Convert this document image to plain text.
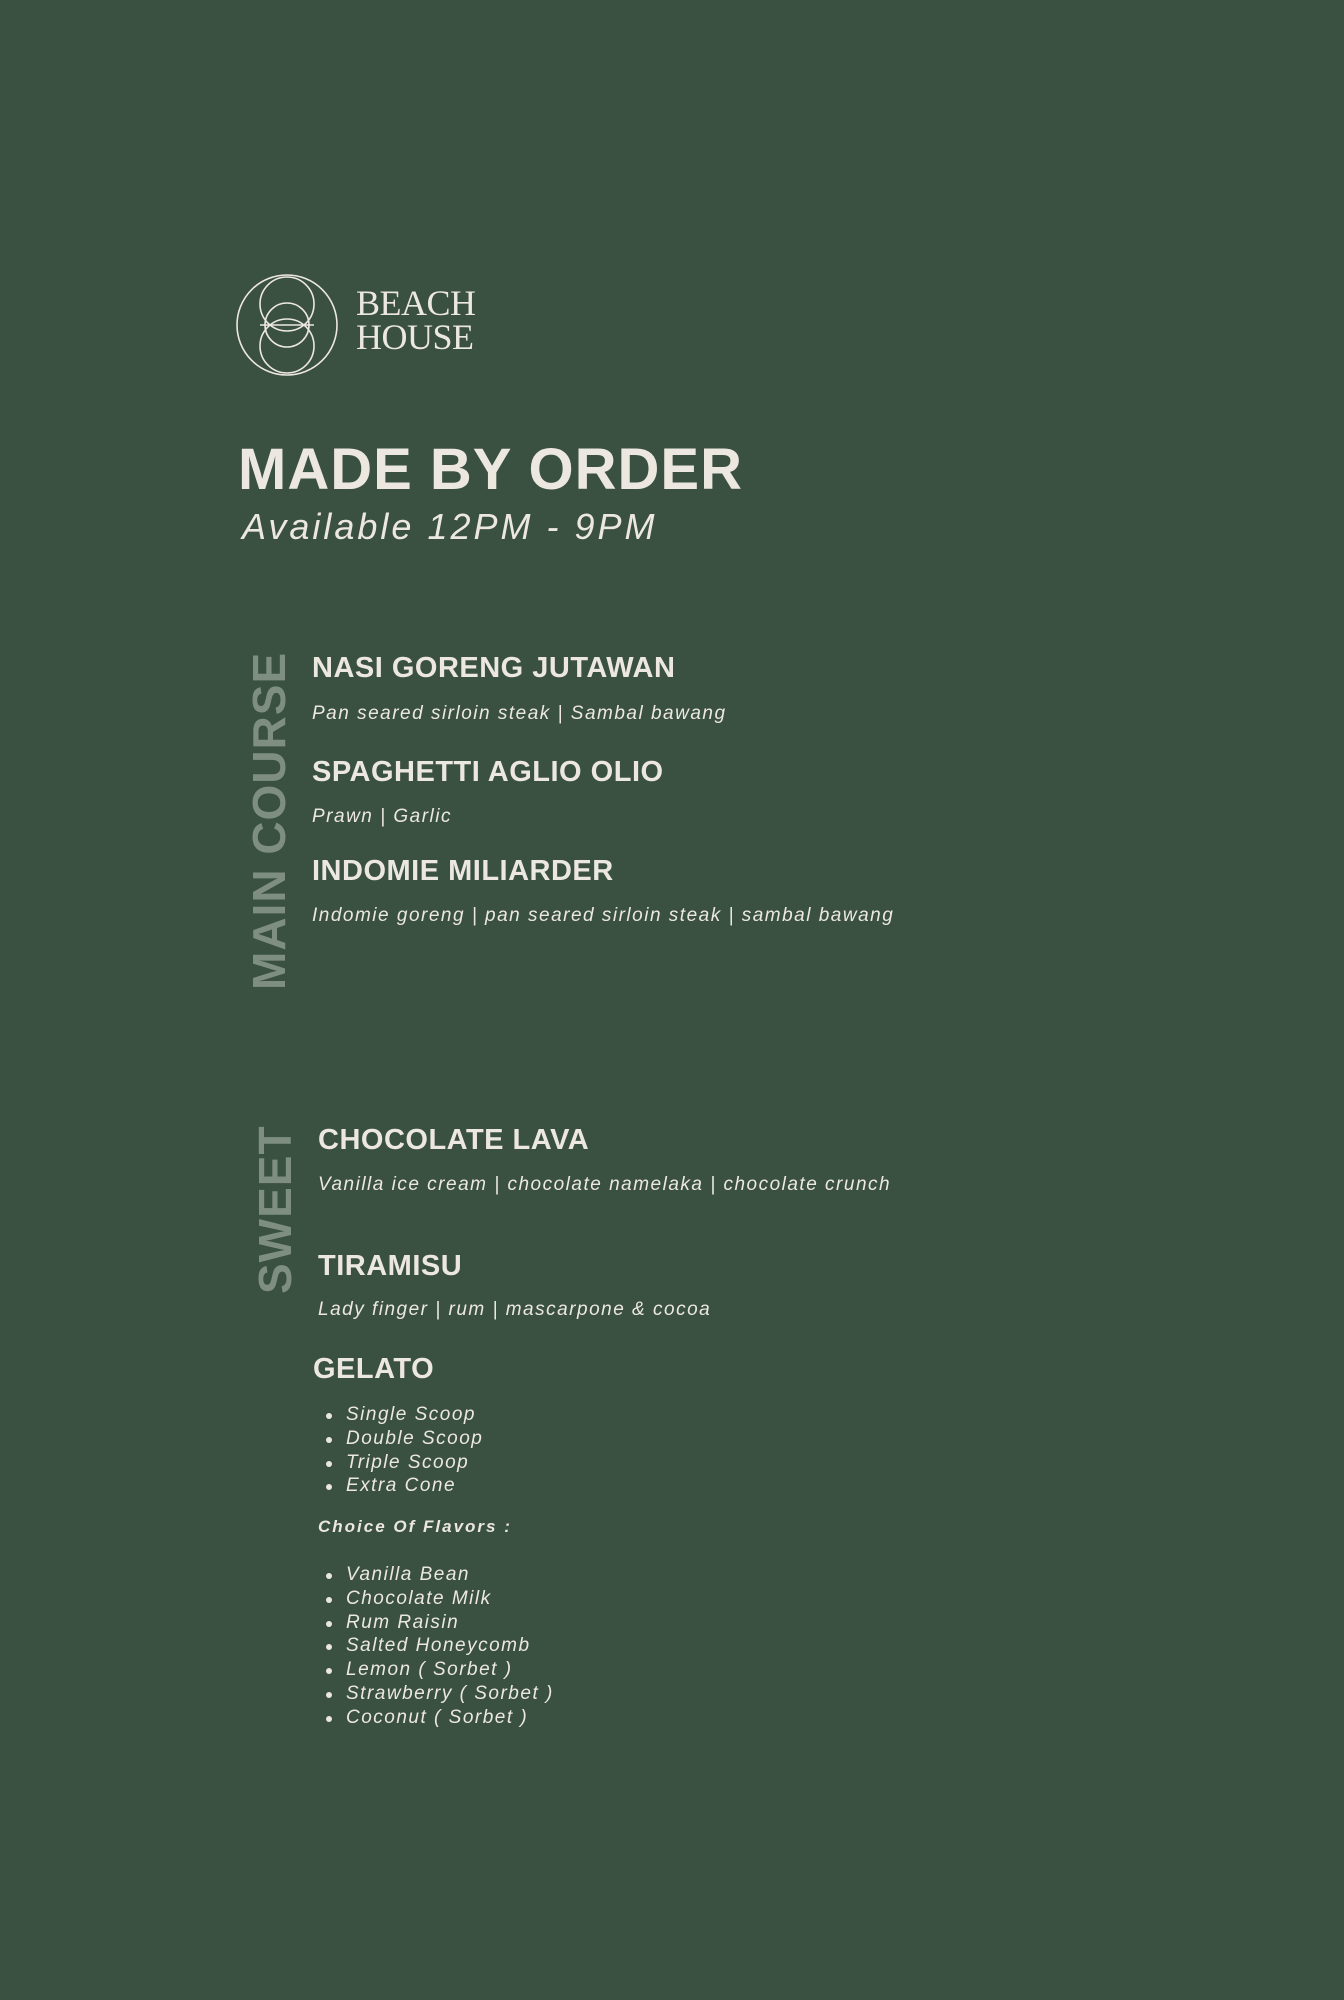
BEACH
HOUSE
MADE BY ORDER
Available 12PM - 9PM
MAIN COURSE NASI GORENG JUTAWAN
Pan seared sirloin steak | Sambal bawang
SPAGHETTI AGLIO OLIO
Prawn | Garlic
INDOMIE MILIARDER
Indomie goreng | pan seared sirloin steak | sambal bawang
SWEET CHOCOLATE LAVA
Vanilla ice cream | chocolate namelaka | chocolate crunch
TIRAMISU
Lady finger | rum | mascarpone & cocoa
GELATO
Single Scoop
Double Scoop
Triple Scoop
Extra Cone
Choice Of Flavors :
Vanilla Bean
Chocolate Milk
Rum Raisin
Salted Honeycomb
Lemon ( Sorbet )
Strawberry ( Sorbet )
Coconut ( Sorbet )
